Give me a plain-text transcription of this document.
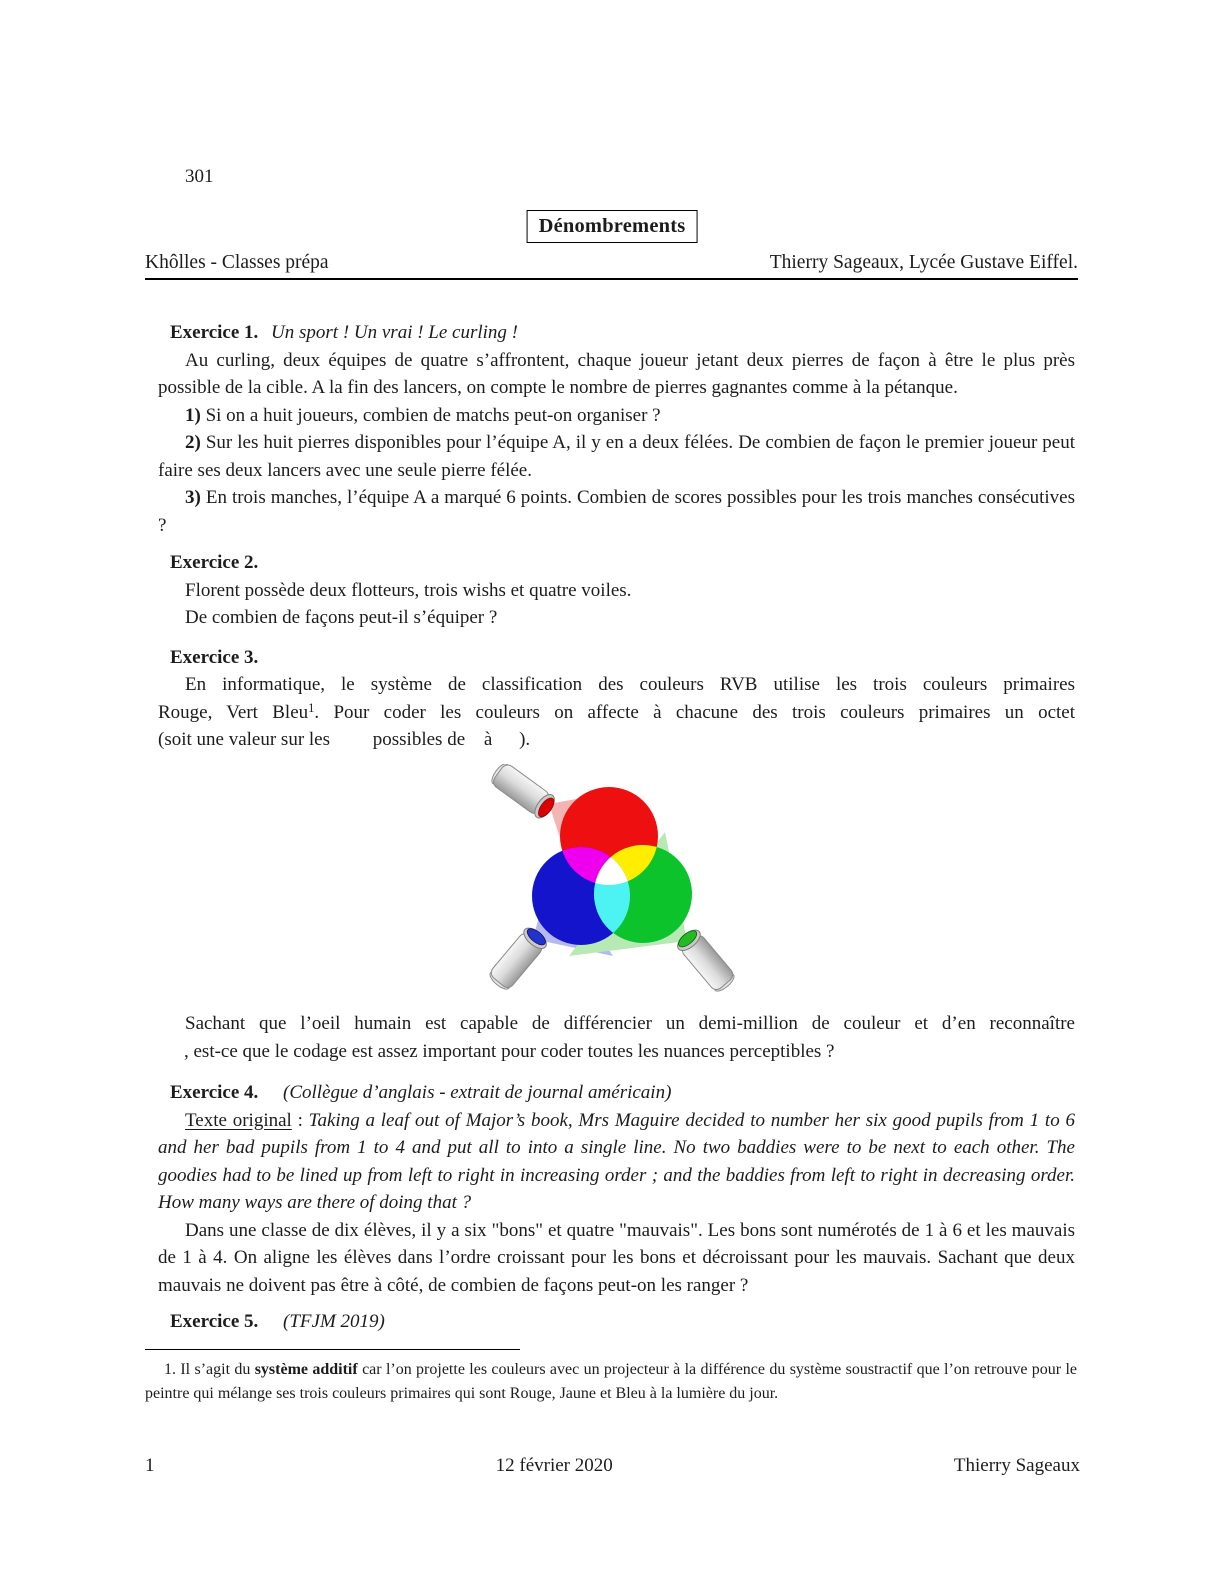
301
Dénombrements
Khôlles - Classes prépa	Thierry Sageaux, Lycée Gustave Eiffel.
Exercice 1. Un sport ! Un vrai ! Le curling !

Au curling, deux équipes de quatre s’affrontent, chaque joueur jetant deux pierres de façon à être le plus près possible de la cible. A la fin des lancers, on compte le nombre de pierres gagnantes comme à la pétanque.

1) Si on a huit joueurs, combien de matchs peut-on organiser ?

2) Sur les huit pierres disponibles pour l’équipe A, il y en a deux félées. De combien de façon le premier joueur peut faire ses deux lancers avec une seule pierre félée.

3) En trois manches, l’équipe A a marqué 6 points. Combien de scores possibles pour les trois manches consécutives ?

Exercice 2.
Florent possède deux flotteurs, trois wishs et quatre voiles.
De combien de façons peut-il s’équiper ?
Exercice 3.
En informatique, le système de classification des couleurs RVB utilise les trois couleurs primaires
Rouge, Vert Bleu$^1$. Pour coder les couleurs on affecte à chacune des trois couleurs primaires un octet
(soit une valeur sur les possibles de à ).
Sachant que l’oeil humain est capable de différencier un demi-million de couleur et d’en reconnaître
, est-ce que le codage est assez important pour coder toutes les nuances perceptibles ?
Exercice 4. (Collègue d’anglais - extrait de journal américain)

Texte original : Taking a leaf out of Major’s book, Mrs Maguire decided to number her six good pupils from 1 to 6 and her bad pupils from 1 to 4 and put all to into a single line. No two baddies were to be next to each other. The goodies had to be lined up from left to right in increasing order ; and the baddies from left to right in decreasing order. How many ways are there of doing that ?

Dans une classe de dix élèves, il y a six "bons" et quatre "mauvais". Les bons sont numérotés de 1 à 6 et les mauvais de 1 à 4. On aligne les élèves dans l’ordre croissant pour les bons et décroissant pour les mauvais. Sachant que deux mauvais ne doivent pas être à côté, de combien de façons peut-on les ranger ?

Exercice 5. (TFJM 2019)
1. Il s’agit du système additif car l’on projette les couleurs avec un projecteur à la différence du système soustractif que l’on retrouve pour le peintre qui mélange ses trois couleurs primaires qui sont Rouge, Jaune et Bleu à la lumière du jour.
1	12 février 2020	Thierry Sageaux
